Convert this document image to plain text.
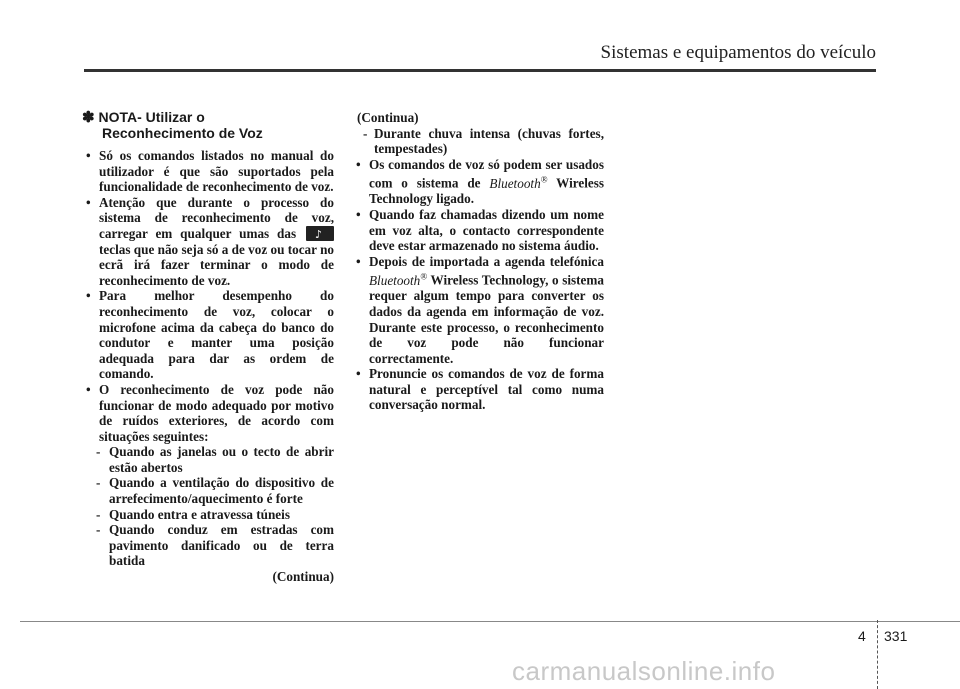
Sistemas e equipamentos do veículo
✽ NOTA- Utilizar o
Reconhecimento de Voz
• Só os comandos listados no manual do utilizador é que são suportados pela funcionalidade de reconhecimento de voz.
• Atenção que durante o processo do sistema de reconhecimento de voz, carregar em qualquer umas das ♪
teclas que não seja só a de voz ou tocar no ecrã irá fazer terminar o modo de reconhecimento de voz.
• Para melhor desempenho do reconhecimento de voz, colocar o microfone acima da cabeça do banco do condutor e manter uma posição adequada para dar as ordem de comando.
• O reconhecimento de voz pode não funcionar de modo adequado por motivo de ruídos exteriores, de acordo com situações seguintes:
- Quando as janelas ou o tecto de abrir estão abertos
- Quando a ventilação do dispositivo de arrefecimento/aquecimento é forte
- Quando entra e atravessa túneis
- Quando conduz em estradas com pavimento danificado ou de terra batida
(Continua)
(Continua)
- Durante chuva intensa (chuvas fortes, tempestades)
• Os comandos de voz só podem ser usados com o sistema de Bluetooth® Wireless Technology ligado.
• Quando faz chamadas dizendo um nome em voz alta, o contacto correspondente deve estar armazenado no sistema áudio.
• Depois de importada a agenda telefónica Bluetooth® Wireless Technology, o sistema requer algum tempo para converter os dados da agenda em informação de voz. Durante este processo, o reconhecimento de voz pode não funcionar correctamente.
• Pronuncie os comandos de voz de forma natural e perceptível tal como numa conversação normal.
4 331
carmanualsonline.info
